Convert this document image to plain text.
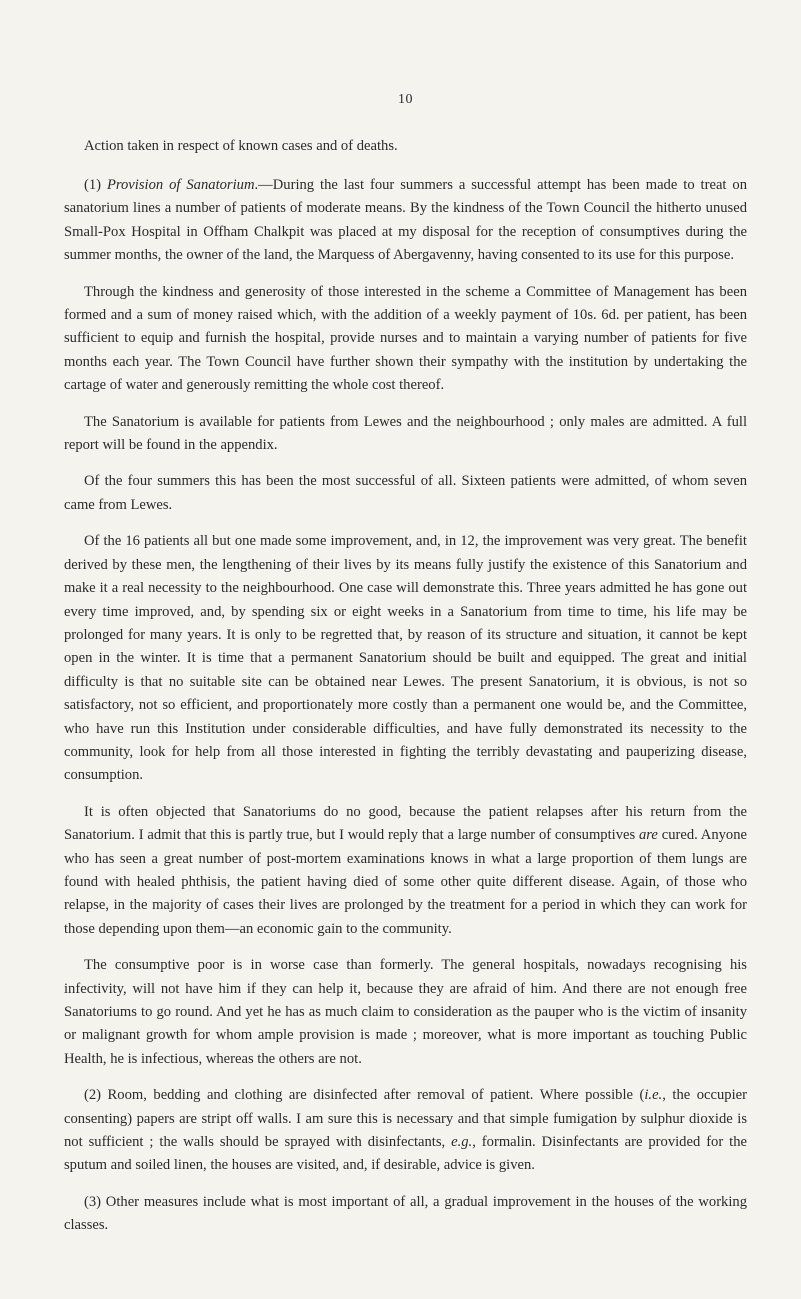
10
Action taken in respect of known cases and of deaths.

(1) Provision of Sanatorium.—During the last four summers a successful attempt has been made to treat on sanatorium lines a number of patients of moderate means. By the kindness of the Town Council the hitherto unused Small-Pox Hospital in Offham Chalkpit was placed at my disposal for the reception of consumptives during the summer months, the owner of the land, the Marquess of Abergavenny, having consented to its use for this purpose.

Through the kindness and generosity of those interested in the scheme a Committee of Management has been formed and a sum of money raised which, with the addition of a weekly payment of 10s. 6d. per patient, has been sufficient to equip and furnish the hospital, provide nurses and to maintain a varying number of patients for five months each year. The Town Council have further shown their sympathy with the institution by undertaking the cartage of water and generously remitting the whole cost thereof.

The Sanatorium is available for patients from Lewes and the neighbourhood ; only males are admitted. A full report will be found in the appendix.

Of the four summers this has been the most successful of all. Sixteen patients were admitted, of whom seven came from Lewes.

Of the 16 patients all but one made some improvement, and, in 12, the improvement was very great. The benefit derived by these men, the lengthening of their lives by its means fully justify the existence of this Sanatorium and make it a real necessity to the neighbourhood. One case will demonstrate this. Three years admitted he has gone out every time improved, and, by spending six or eight weeks in a Sanatorium from time to time, his life may be prolonged for many years. It is only to be regretted that, by reason of its structure and situation, it cannot be kept open in the winter. It is time that a permanent Sanatorium should be built and equipped. The great and initial difficulty is that no suitable site can be obtained near Lewes. The present Sanatorium, it is obvious, is not so satisfactory, not so efficient, and proportionately more costly than a permanent one would be, and the Committee, who have run this Institution under considerable difficulties, and have fully demonstrated its necessity to the community, look for help from all those interested in fighting the terribly devastating and pauperizing disease, consumption.

It is often objected that Sanatoriums do no good, because the patient relapses after his return from the Sanatorium. I admit that this is partly true, but I would reply that a large number of consumptives are cured. Anyone who has seen a great number of post-mortem examinations knows in what a large proportion of them lungs are found with healed phthisis, the patient having died of some other quite different disease. Again, of those who relapse, in the majority of cases their lives are prolonged by the treatment for a period in which they can work for those depending upon them—an economic gain to the community.

The consumptive poor is in worse case than formerly. The general hospitals, nowadays recognising his infectivity, will not have him if they can help it, because they are afraid of him. And there are not enough free Sanatoriums to go round. And yet he has as much claim to consideration as the pauper who is the victim of insanity or malignant growth for whom ample provision is made ; moreover, what is more important as touching Public Health, he is infectious, whereas the others are not.

(2) Room, bedding and clothing are disinfected after removal of patient. Where possible (i.e., the occupier consenting) papers are stript off walls. I am sure this is necessary and that simple fumigation by sulphur dioxide is not sufficient ; the walls should be sprayed with disinfectants, e.g., formalin. Disinfectants are provided for the sputum and soiled linen, the houses are visited, and, if desirable, advice is given.

(3) Other measures include what is most important of all, a gradual improvement in the houses of the working classes.
